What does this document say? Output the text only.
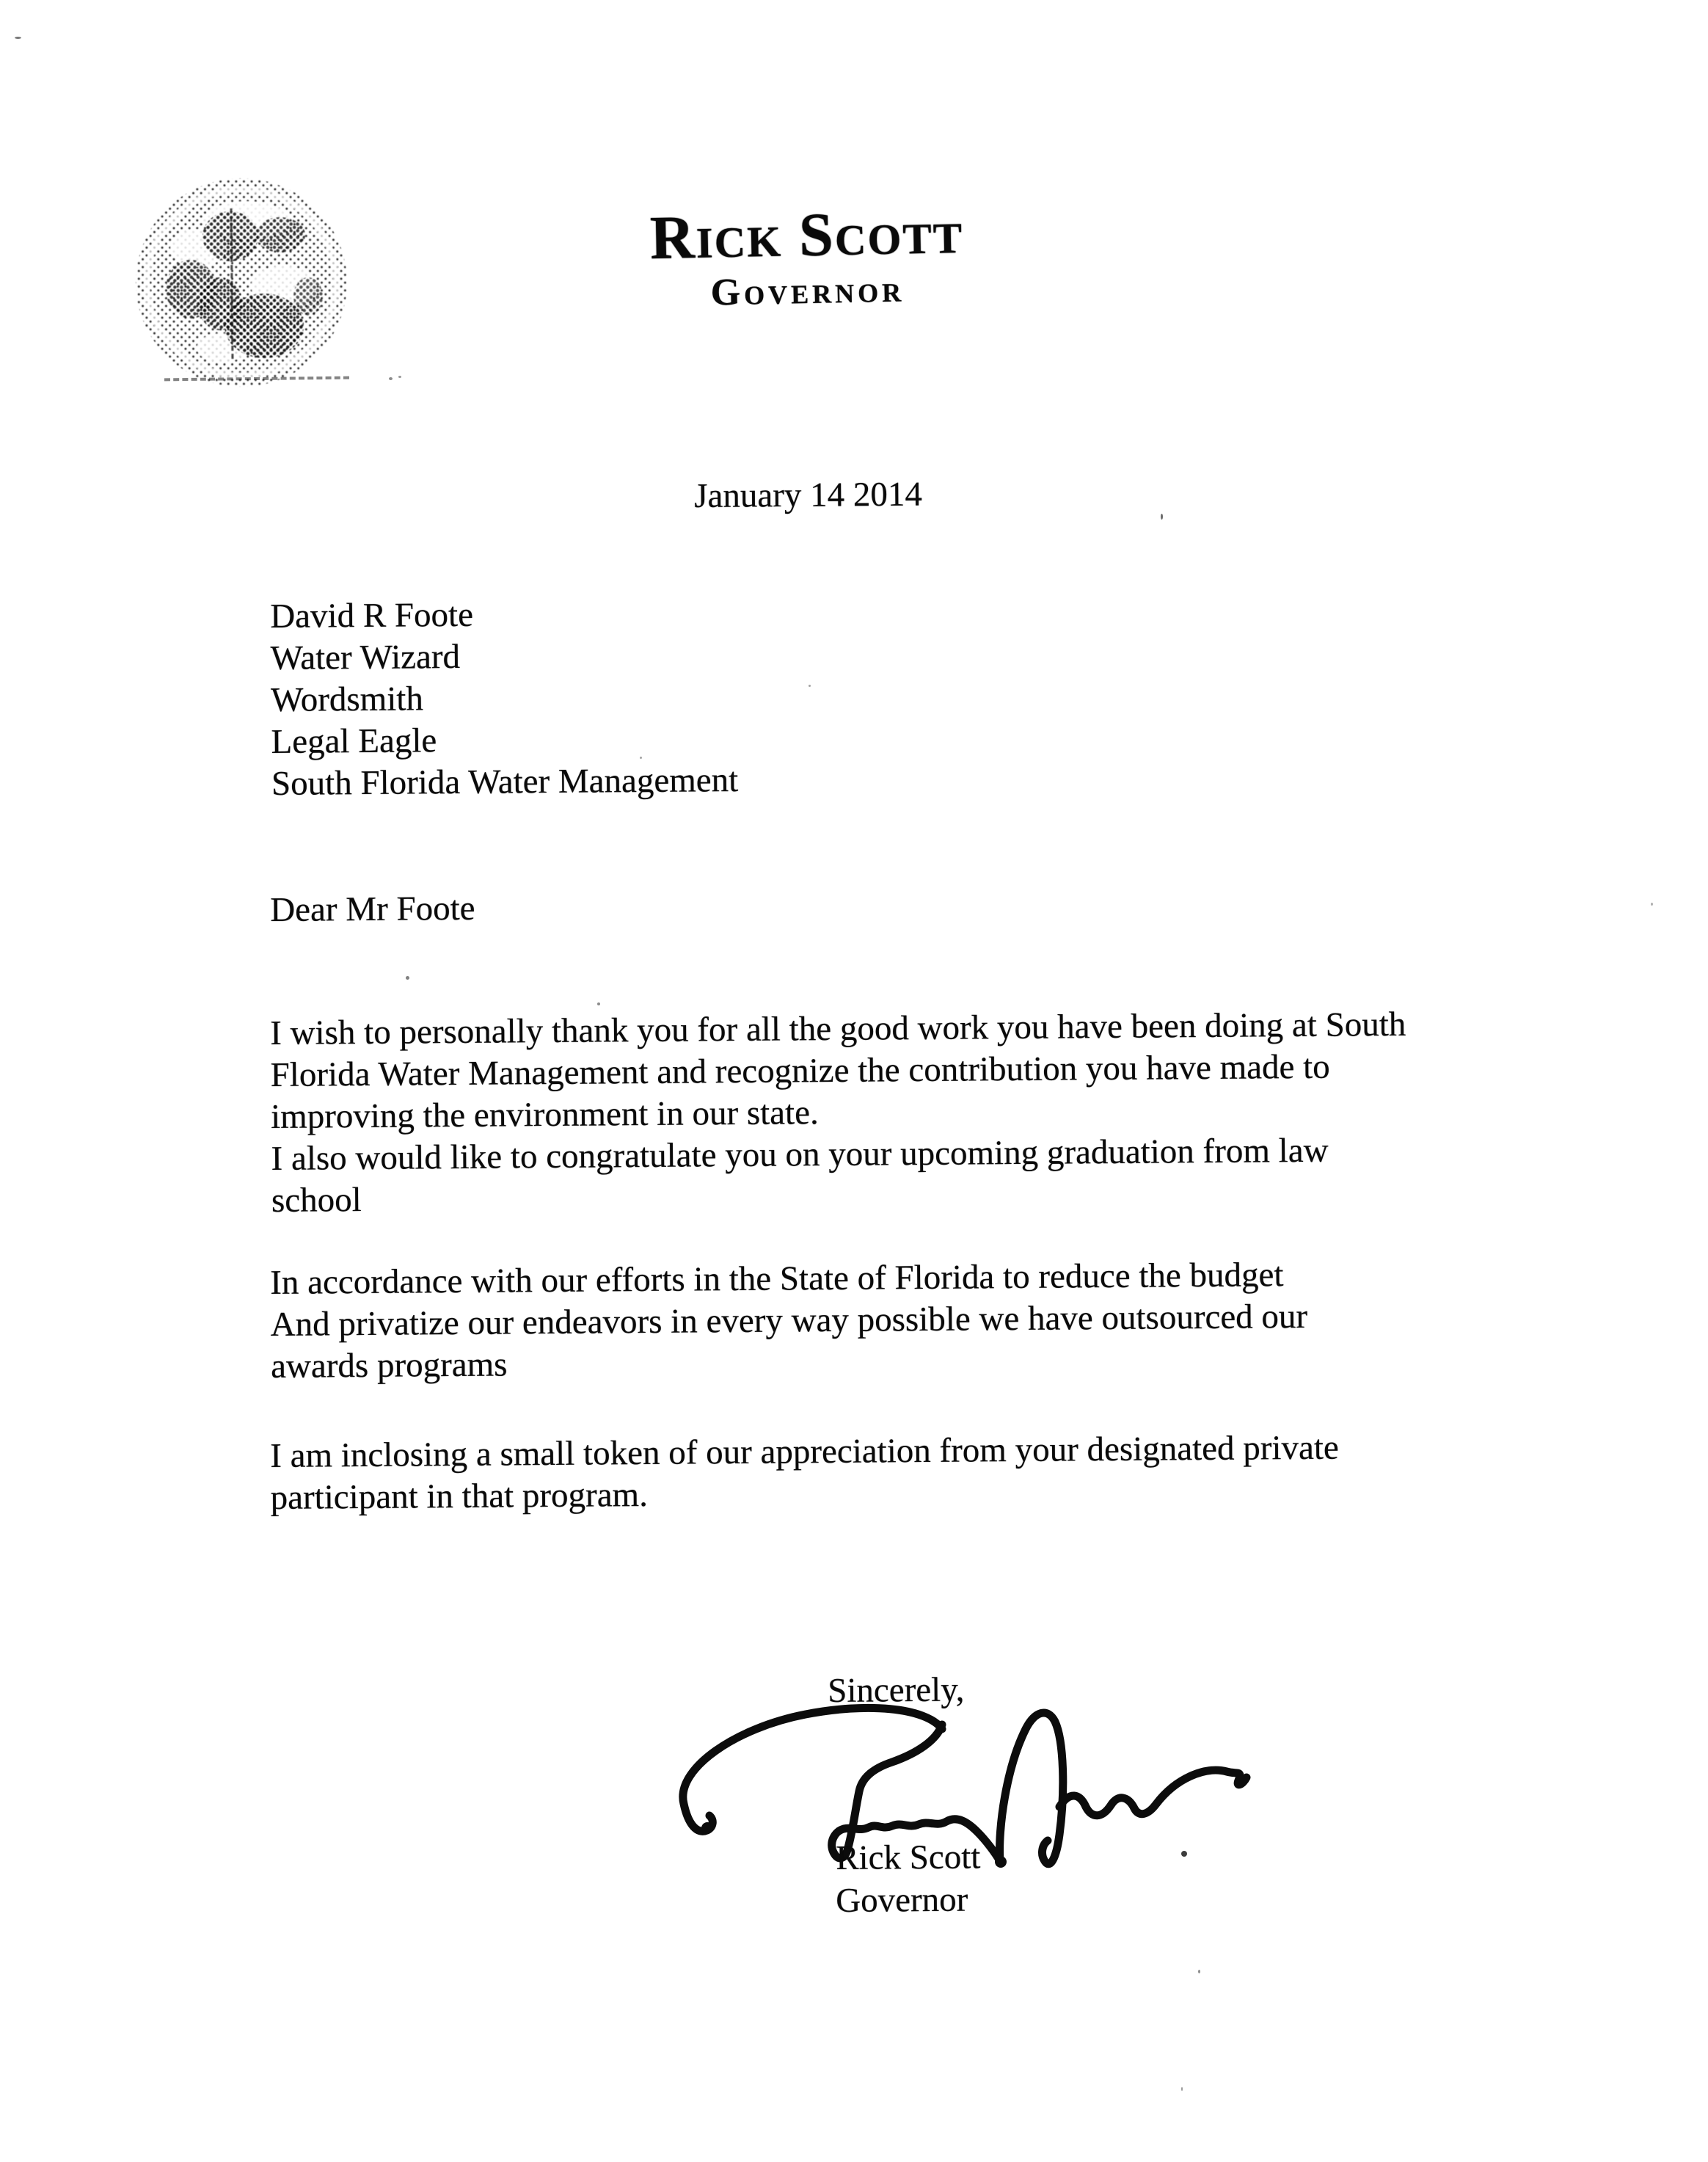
Rick Scott
Governor
January 14 2014
David R Foote
Water Wizard
Wordsmith
Legal Eagle
South Florida Water Management
Dear Mr Foote
I wish to personally thank you for all the good work you have been doing at South
Florida Water Management and recognize the contribution you have made to
improving the environment in our state.
I also would like to congratulate you on your upcoming graduation from law
school
In accordance with our efforts in the State of Florida to reduce the budget
And privatize our endeavors in every way possible we have outsourced our
awards programs
I am inclosing a small token of our appreciation from your designated private
participant in that program.
Sincerely,
Rick Scott
Governor
